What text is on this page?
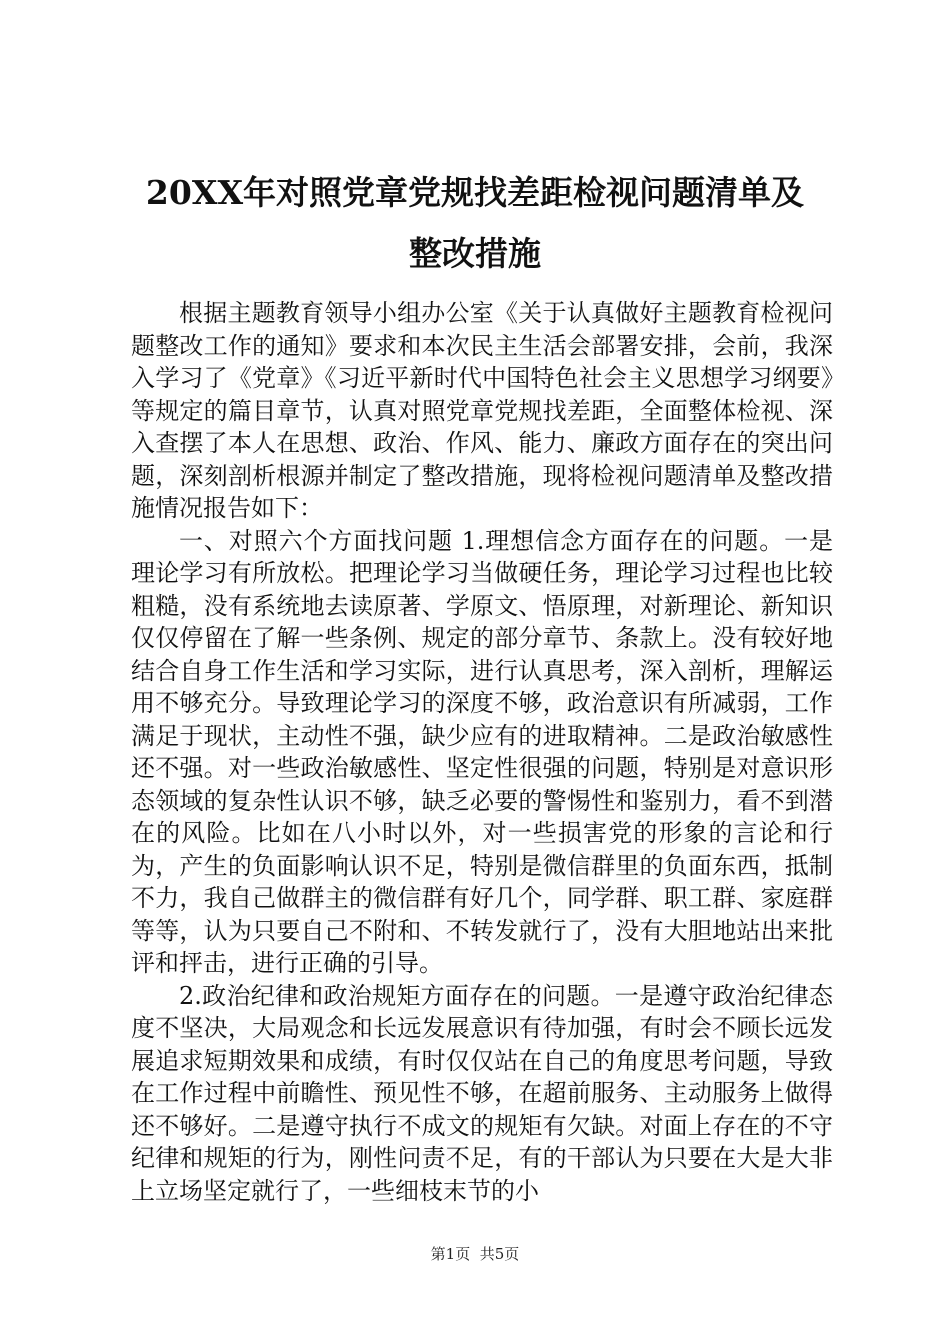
20XX年对照党章党规找差距检视问题清单及
整改措施

根据主题教育领导小组办公室《关于认真做好主题教育检视问题整改工作的通知》要求和本次民主生活会部署安排，会前，我深入学习了《党章》《习近平新时代中国特色社会主义思想学习纲要》等规定的篇目章节，认真对照党章党规找差距，全面整体检视、深入查摆了本人在思想、政治、作风、能力、廉政方面存在的突出问题，深刻剖析根源并制定了整改措施，现将检视问题清单及整改措施情况报告如下：

一、对照六个方面找问题 1.理想信念方面存在的问题。一是理论学习有所放松。把理论学习当做硬任务，理论学习过程也比较粗糙，没有系统地去读原著、学原文、悟原理，对新理论、新知识仅仅停留在了解一些条例、规定的部分章节、条款上。没有较好地结合自身工作生活和学习实际，进行认真思考，深入剖析，理解运用不够充分。导致理论学习的深度不够，政治意识有所减弱，工作满足于现状，主动性不强，缺少应有的进取精神。二是政治敏感性还不强。对一些政治敏感性、坚定性很强的问题，特别是对意识形态领域的复杂性认识不够，缺乏必要的警惕性和鉴别力，看不到潜在的风险。比如在八小时以外，对一些损害党的形象的言论和行为，产生的负面影响认识不足，特别是微信群里的负面东西，抵制不力，我自己做群主的微信群有好几个，同学群、职工群、家庭群等等，认为只要自己不附和、不转发就行了，没有大胆地站出来批评和抨击，进行正确的引导。

2.政治纪律和政治规矩方面存在的问题。一是遵守政治纪律态度不坚决，大局观念和长远发展意识有待加强，有时会不顾长远发展追求短期效果和成绩，有时仅仅站在自己的角度思考问题，导致在工作过程中前瞻性、预见性不够，在超前服务、主动服务上做得还不够好。二是遵守执行不成文的规矩有欠缺。对面上存在的不守纪律和规矩的行为，刚性问责不足，有的干部认为只要在大是大非上立场坚定就行了，一些细枝末节的小

第1页 共5页
